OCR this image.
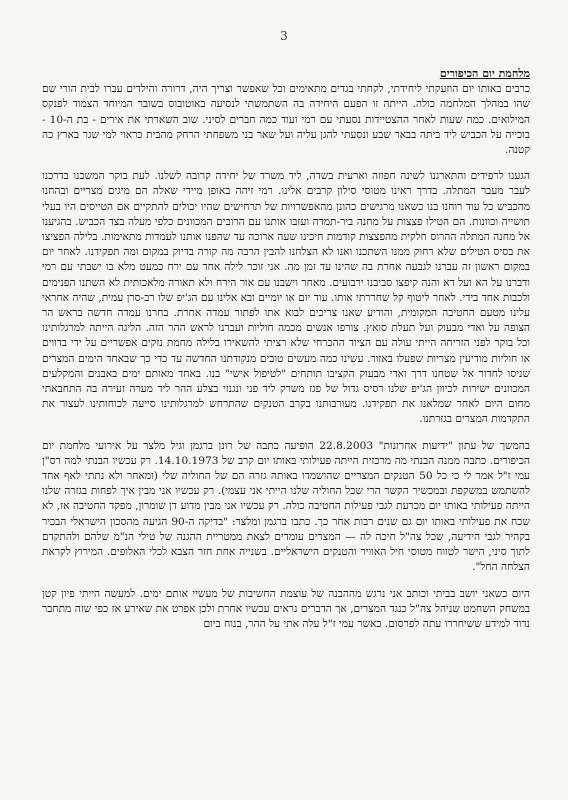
3
מלחמת יום הכיפורים
כרבים באותו יום הוזעקתי ליחידתי, לקחתי בגדים מתאימים וכל שאפשר וצריך היה, דרורה והילדים עברו לבית הורי שם שהו במהלך המלחמה כולה. הייתה זו הפעם היחידה בה השתמשתי לנסיעה באוטובוס בשובר המיוחד הצמוד לפנקס המילואים. כמה שעות לאחר ההצטיידות נסעתי עם רמי ועוד כמה חברים לסיני. שוב השארתי את אירים - בת ה-10 - בוכייה על הכביש ליד ביתה בבאר שבע ונסעתי להגן עליה ועל שאר בני משפחתי הרחק מהבית כראוי למי שגר בארץ כה קטנה.
הגענו לרפידים והתארגנו לשינה חפוזה וארעית בשדה, ליד משרד של יחידה קרובה לשלנו. לעת בוקר המשכנו בדרכנו לעבר מעבר המתלה. בדרך ראינו מטוסי סילון קרבים אלינו. רמי זיהה באופן מיידי שאלה הם מיגים מצריים ובהחנו מהכביש כל עוד רוחנו בנו כשאנו מרגישים כהונן מהאפשרויות של תרחישים שהיו יכולים להתקיים אם הטייסים היו בעלי תושייה וכוונות. הם הטילו פצצות על מחנה ביר-תמדה ועזבו אותנו עם הרובים המכוונים כלפי מעלה בצד הכביש. בהגיענו אל מחנה המתלה ההרוס חלקית מהפצצות קודמות חיכינו שעה ארוכה עד שהפנו אותנו לעמדות מתאימות. בלילה הפציצו את בסיס הטילים שלא רחוק ממנו השתכנו ואנו לא הצלחנו להבין הרבה מה קורה בדיוק במקום ומה תפקידנו. לאחר יום במקום ראשון זה עברנו לגבעה אחרת בה שהינו עד זמן מה. אני זוכר לילה אחד עם ירח כמעט מלא בו ישבתי עם רמי ודברנו על הא ועל דא והנה קיפצו סביבנו ירבועים. מאחר וישבנו עם אור הירח ולא תאורה מלאכותית לא השתנו הפנימים ולכבות אחד בידי. לאחר ליטוף קל שחררתי אותו. עוד יום או יומיים ובא אלינו עם הג'יפ שלו רב-סרן עמית, שהיה אחראי עלינו מטעם החטיבה המקומית, והודיע שאנו צריכים לבוא אתו לפתור עמדה אחרת. בחרנו עמדה חדשה בראש הר הצופה על ואדי מבעוק ועל תעלת סואץ. צורפו אנשים מכמה חוליות ועברנו לראש ההר הזה. הליגה הייתה למרגלותינו וכל בוקר לפני הזריחה הייתי עולה עם הציוד ההכרחי שלא רציתי להשאירו בלילה מחמת נזקים אפשריים על ידי בדווים או חוליות מודיעין מצריות שפעלו באזור. עשינו כמה מעשים טובים מנקודתנו החדשה עד כדי כך שבאחד הימים המצרים שניסו לחדור אל שטחנו דרך ואדי מבעוק הקציבו תותחים "לטיפול אישי" בנו. באחד מאותם ימים באבנים והמקלעים המכוונים ישירות לכיוון הג'יפ שלנו רסיס גדול של פגז משרק ליד פני ונגנזי בצלע ההר ליד מערה זעירה בה התחבאתי מחום היום לאחר שמלאנו את תפקידנו. מעורבותנו בקרב הטנקים שהתרחש למרגלותינו סייעה לכוחותינו לעצור את התקדמות המצרים בגזרתנו.
בהמשך של עתון "ידיעות אחרונות" 22.8.2003 הופיעה כתבה של רונן ברגמן וגיל מלצר על אירועי מלחמת יום הכיפורים. כתבה ממנה הבנתי מה מרכזית הייתה פעילותי באותו יום קרב של 14.10.1973. רק עכשיו הבנתי למה רס"ן עמי ז"ל אמר לי כי כל 50 הטנקים המצריים שהושמדו באותה גזרה הם של החוליה שלי (ומאחר ולא נתתי לאף אחד להשתמש במשקפת ובמכשיר הקשר הרי שכל החוליה שלנו הייתי אני עצמי). רק עכשיו אני מבין איך לפחות בגזרה שלנו הייתה פעילותי באותו יום מכרעת לגבי פעילות החטיבה כולה. רק עכשיו אני מבין מדוע דן שומרון, מפקד החטיבה אז, לא שכח את פעילותי באותו יום גם שנים רבות אחר כך. כתבו ברגמן ומלצר: "בדיקה ה-90 הגיעה מהסכון הישראלי הבכיר בקהיר לגבי הידיעה, שכל צה"ל חיכה לה — המצרים עומדים לצאת ממטריית ההגנה של טילי הנ"מ שלהם ולהתקדם לתוך סיני, הישר לטווח מטוסי חיל האוויר והטנקים הישראליים. בשנייה אחת חזר הצבא לכלי האלופים. המירוץ לקראת הצלחה החל".
היום כשאני יושב בביתי וכותב אני נרגש מההבנה של עוצמת החשיבות של מעשיי אותם ימים. למעשה הייתי פיון קטן במשחק השחמט שניהל צה"ל כנגד המצרים, אך הדברים נראים עכשיו אחרת ולכן אפרט את שאירע אז כפי שזה מתחבר נדוד למידע ששיחררו עתה לפרסום. כאשר עמי ז"ל עלה אתי על ההר, בנוח ביום
